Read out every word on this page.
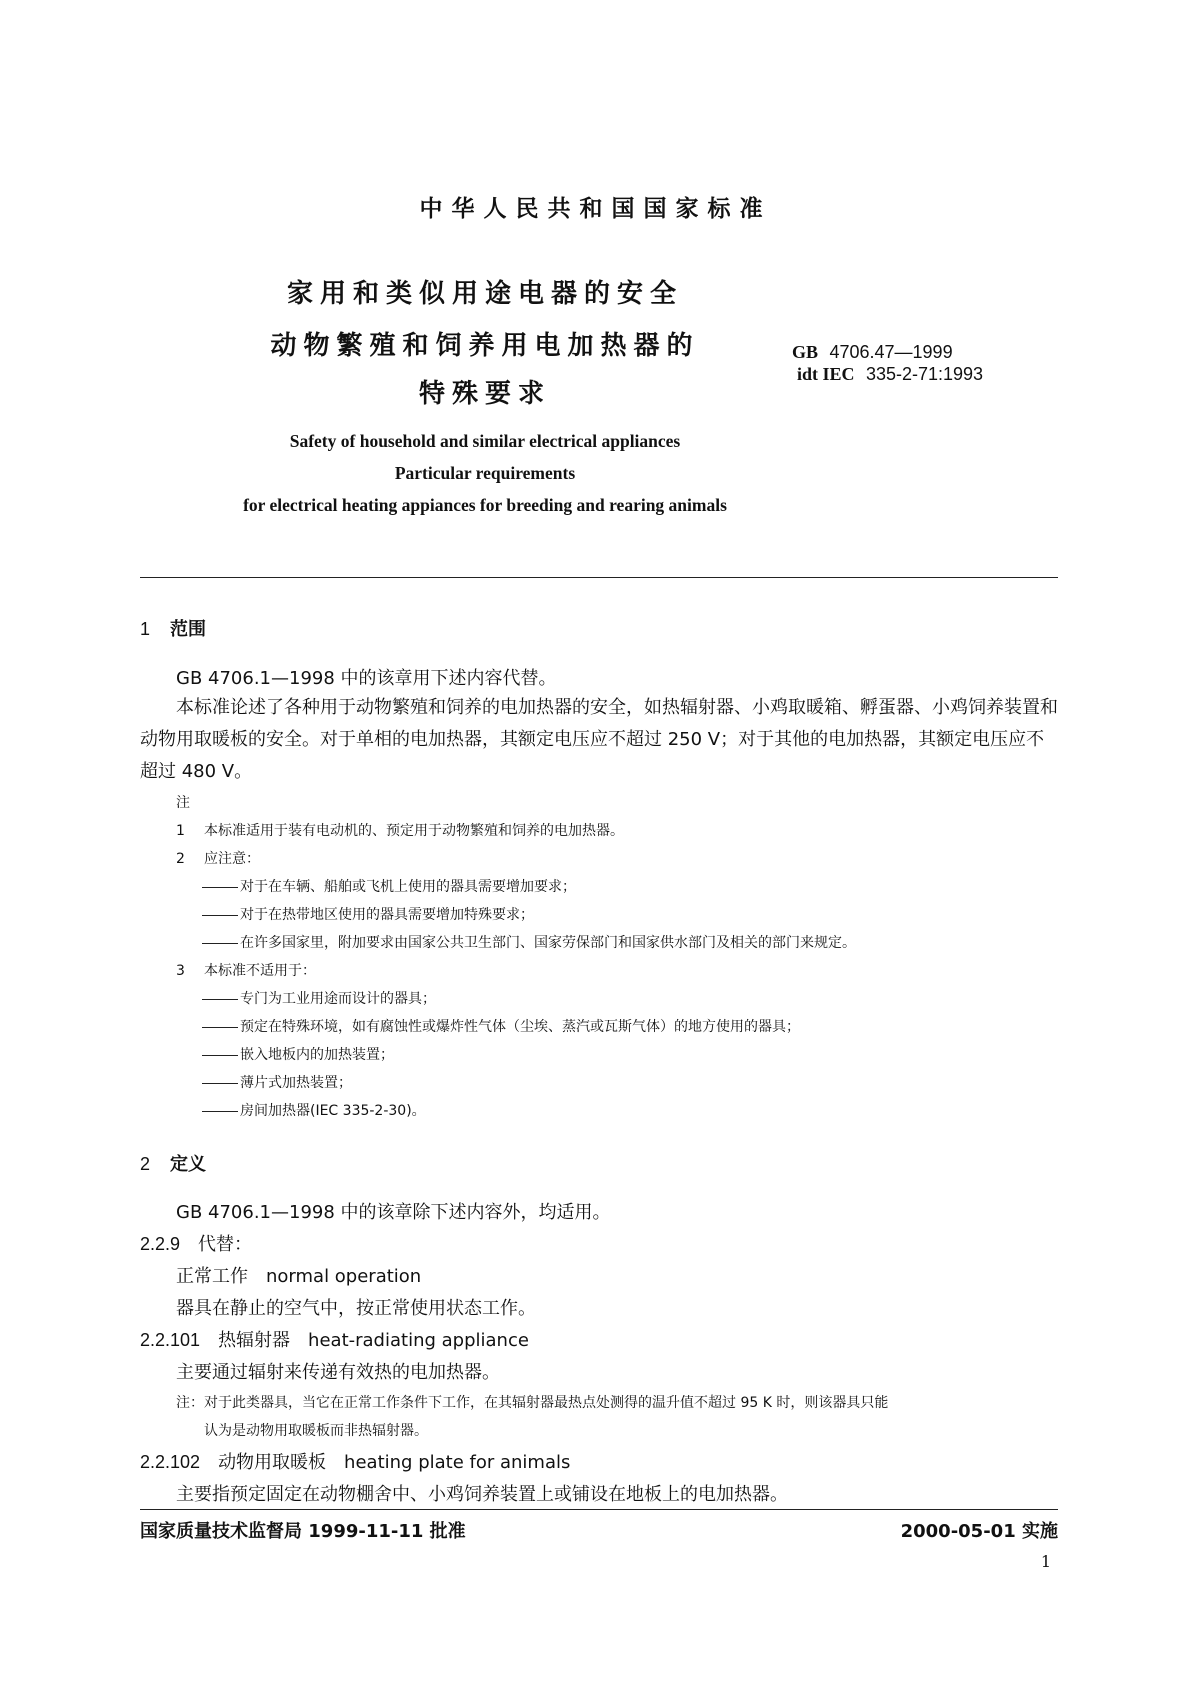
中华人民共和国国家标准
家用和类似用途电器的安全
动物繁殖和饲养用电加热器的
特殊要求
GB 4706.47—1999
idt IEC 335-2-71:1993
Safety of household and similar electrical appliances
Particular requirements
for electrical heating appiances for breeding and rearing animals
1 范围
GB 4706.1—1998 中的该章用下述内容代替。
本标准论述了各种用于动物繁殖和饲养的电加热器的安全，如热辐射器、小鸡取暖箱、孵蛋器、小鸡饲养装置和动物用取暖板的安全。对于单相的电加热器，其额定电压应不超过 250 V；对于其他的电加热器，其额定电压应不超过 480 V。
注
1 本标准适用于装有电动机的、预定用于动物繁殖和饲养的电加热器。
2 应注意：
对于在车辆、船舶或飞机上使用的器具需要增加要求；
对于在热带地区使用的器具需要增加特殊要求；
在许多国家里，附加要求由国家公共卫生部门、国家劳保部门和国家供水部门及相关的部门来规定。
3 本标准不适用于：
专门为工业用途而设计的器具；
预定在特殊环境，如有腐蚀性或爆炸性气体（尘埃、蒸汽或瓦斯气体）的地方使用的器具；
嵌入地板内的加热装置；
薄片式加热装置；
房间加热器(IEC 335-2-30)。
2 定义
GB 4706.1—1998 中的该章除下述内容外，均适用。
2.2.9 代替：
正常工作　normal operation
器具在静止的空气中，按正常使用状态工作。
2.2.101 热辐射器　heat-radiating appliance
主要通过辐射来传递有效热的电加热器。
注：对于此类器具，当它在正常工作条件下工作，在其辐射器最热点处测得的温升值不超过 95 K 时，则该器具只能
认为是动物用取暖板而非热辐射器。
2.2.102 动物用取暖板　heating plate for animals
主要指预定固定在动物棚舍中、小鸡饲养装置上或铺设在地板上的电加热器。
国家质量技术监督局 1999-11-11 批准	2000-05-01 实施
1
